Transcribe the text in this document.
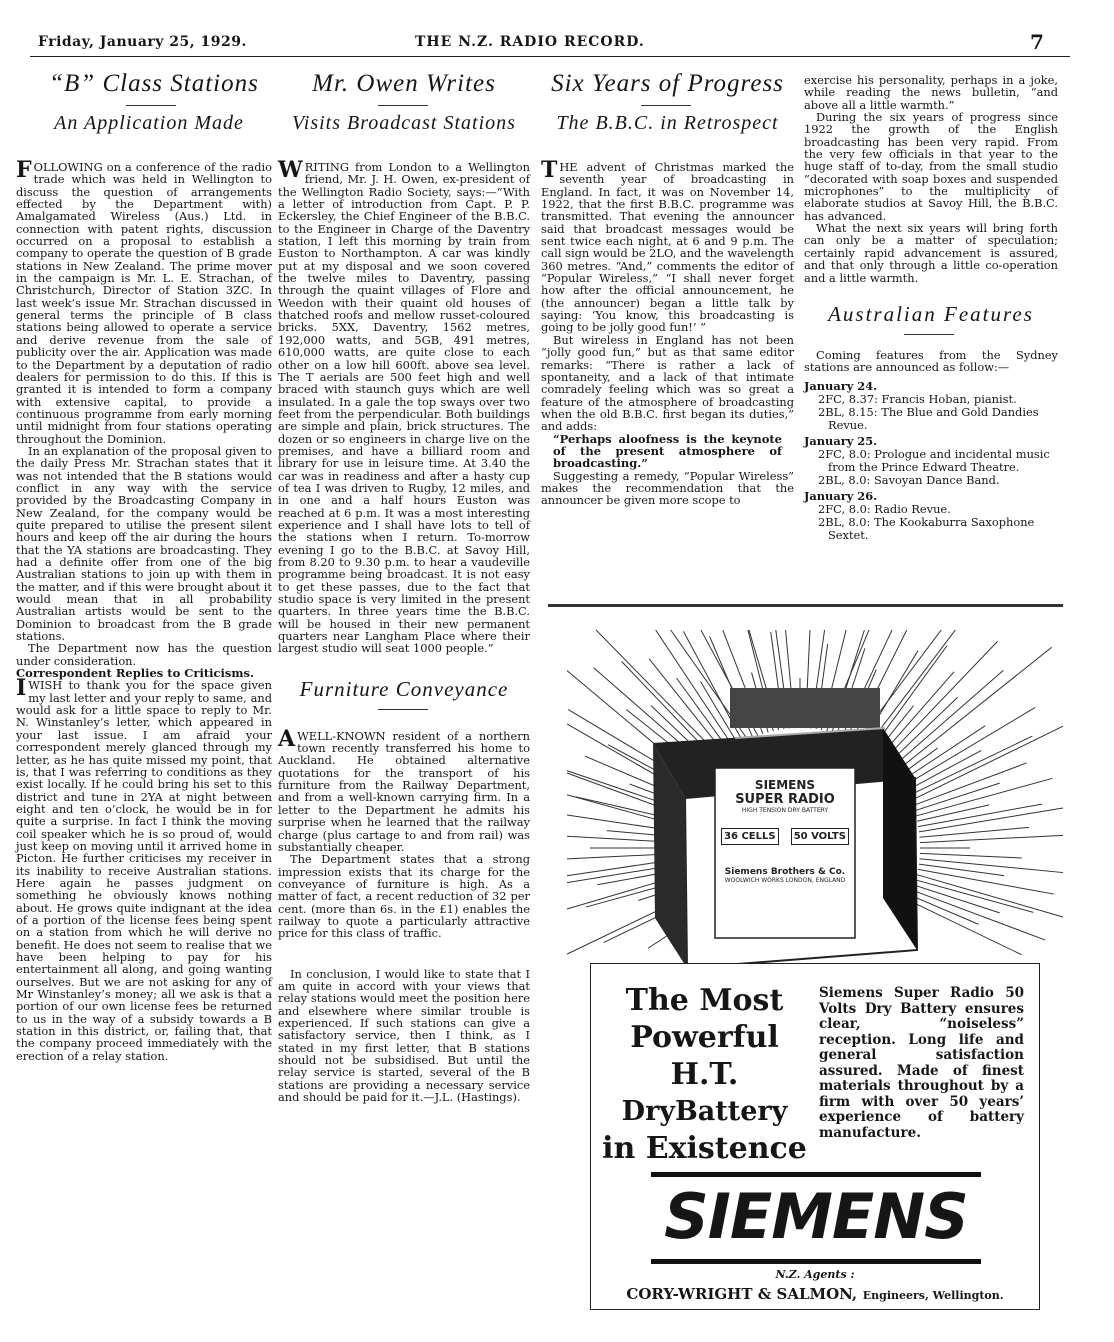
Friday, January 25, 1929.	THE N.Z. RADIO RECORD.	7
“B” Class Stations
An Application Made

FOLLOWING on a conference of the radio trade which was held in Wellington to discuss the question of arrangements effected by the Department with) Amalgamated Wireless (Aus.) Ltd. in connection with patent rights, discussion occurred on a proposal to establish a company to operate the question of B grade stations in New Zealand. The prime mover in the campaign is Mr. L. E. Strachan, of Christchurch, Director of Station 3ZC. In last week’s issue Mr. Strachan discussed in general terms the principle of B class stations being allowed to operate a service and derive revenue from the sale of publicity over the air. Application was made to the Department by a deputation of radio dealers for permission to do this. If this is granted it is intended to form a company with extensive capital, to provide a continuous programme from early morning until midnight from four stations operating throughout the Dominion.

In an explanation of the proposal given to the daily Press Mr. Strachan states that it was not intended that the B stations would conflict in any way with the service provided by the Broadcasting Company in New Zealand, for the company would be quite prepared to utilise the present silent hours and keep off the air during the hours that the YA stations are broadcasting. They had a definite offer from one of the big Australian stations to join up with them in the matter, and if this were brought about it would mean that in all probability Australian artists would be sent to the Dominion to broadcast from the B grade stations.

The Department now has the question under consideration.

Correspondent Replies to Criticisms.

IWISH to thank you for the space given my last letter and your reply to same, and would ask for a little space to reply to Mr. N. Winstanley’s letter, which appeared in your last issue. I am afraid your correspondent merely glanced through my letter, as he has quite missed my point, that is, that I was referring to conditions as they exist locally. If he could bring his set to this district and tune in 2YA at night between eight and ten o’clock, he would be in for quite a surprise. In fact I think the moving coil speaker which he is so proud of, would just keep on moving until it arrived home in Picton. He further criticises my receiver in its inability to receive Australian stations. Here again he passes judgment on something he obviously knows nothing about. He grows quite indignant at the idea of a portion of the license fees being spent on a station from which he will derive no benefit. He does not seem to realise that we have been helping to pay for his entertainment all along, and going wanting ourselves. But we are not asking for any of Mr Winstanley’s money; all we ask is that a portion of our own license fees be returned to us in the way of a subsidy towards a B station in this district, or, failing that, that the company proceed immediately with the erection of a relay station.

Mr. Owen Writes
Visits Broadcast Stations

WRITING from London to a Wellington friend, Mr. J. H. Owen, ex-president of the Wellington Radio Society, says:—“With a letter of introduction from Capt. P. P. Eckersley, the Chief Engineer of the B.B.C. to the Engineer in Charge of the Daventry station, I left this morning by train from Euston to Northampton. A car was kindly put at my disposal and we soon covered the twelve miles to Daventry, passing through the quaint villages of Flore and Weedon with their quaint old houses of thatched roofs and mellow russet-coloured bricks. 5XX, Daventry, 1562 metres, 192,000 watts, and 5GB, 491 metres, 610,000 watts, are quite close to each other on a low hill 600ft. above sea level. The T aerials are 500 feet high and well braced with staunch guys which are well insulated. In a gale the top sways over two feet from the perpendicular. Both buildings are simple and plain, brick structures. The dozen or so engineers in charge live on the premises, and have a billiard room and library for use in leisure time. At 3.40 the car was in readiness and after a hasty cup of tea I was driven to Rugby, 12 miles, and in one and a half hours Euston was reached at 6 p.m. It was a most interesting experience and I shall have lots to tell of the stations when I return. To-morrow evening I go to the B.B.C. at Savoy Hill, from 8.20 to 9.30 p.m. to hear a vaudeville programme being broadcast. It is not easy to get these passes, due to the fact that studio space is very limited in the present quarters. In three years time the B.B.C. will be housed in their new permanent quarters near Langham Place where their largest studio will seat 1000 people.”

Furniture Conveyance

AWELL-KNOWN resident of a northern town recently transferred his home to Auckland. He obtained alternative quotations for the transport of his furniture from the Railway Department, and from a well-known carrying firm. In a letter to the Department he admits his surprise when he learned that the railway charge (plus cartage to and from rail) was substantially cheaper.

The Department states that a strong impression exists that its charge for the conveyance of furniture is high. As a matter of fact, a recent reduction of 32 per cent. (more than 6s. in the £1) enables the railway to quote a particularly attractive price for this class of traffic.

In conclusion, I would like to state that I am quite in accord with your views that relay stations would meet the position here and elsewhere where similar trouble is experienced. If such stations can give a satisfactory service, then I think, as I stated in my first letter, that B stations should not be subsidised. But until the relay service is started, several of the B stations are providing a necessary service and should be paid for it.—J.L. (Hastings).

Six Years of Progress
The B.B.C. in Retrospect

THE advent of Christmas marked the seventh year of broadcasting in England. In fact, it was on November 14, 1922, that the first B.B.C. programme was transmitted. That evening the announcer said that broadcast messages would be sent twice each night, at 6 and 9 p.m. The call sign would be 2LO, and the wavelength 360 metres. “And,” comments the editor of “Popular Wireless,” “I shall never forget how after the official announcement, he (the announcer) began a little talk by saying: ‘You know, this broadcasting is going to be jolly good fun!’ ”

But wireless in England has not been “jolly good fun,” but as that same editor remarks: “There is rather a lack of spontaneity, and a lack of that intimate comradely feeling which was so great a feature of the atmosphere of broadcasting when the old B.B.C. first began its duties,” and adds:

“Perhaps aloofness is the keynote of the present atmosphere of broadcasting.”

Suggesting a remedy, “Popular Wireless” makes the recommendation that the announcer be given more scope to

exercise his personality, perhaps in a joke, while reading the news bulletin, “and above all a little warmth.”

During the six years of progress since 1922 the growth of the English broadcasting has been very rapid. From the very few officials in that year to the huge staff of to-day, from the small studio “decorated with soap boxes and suspended microphones” to the multiplicity of elaborate studios at Savoy Hill, the B.B.C. has advanced.

What the next six years will bring forth can only be a matter of speculation; certainly rapid advancement is assured, and that only through a little co-operation and a little warmth.

Australian Features

Coming features from the Sydney stations are announced as follow:—

January 24.
2FC, 8.37: Francis Hoban, pianist.
2BL, 8.15: The Blue and Gold Dandies Revue.
January 25.
2FC, 8.0: Prologue and incidental music from the Prince Edward Theatre.
2BL, 8.0: Savoyan Dance Band.
January 26.
2FC, 8.0: Radio Revue.
2BL, 8.0: The Kookaburra Saxophone Sextet.
SIEMENS
SUPER RADIO
HIGH TENSION DRY BATTERY
36 CELLS	50 VOLTS
Siemens Brothers & Co.
WOOLWICH WORKS LONDON, ENGLAND
The Most
Powerful
H.T.
DryBattery
in Existence
Siemens Super Radio 50 Volts Dry Battery ensures clear, “noiseless” reception. Long life and general satisfaction assured. Made of finest materials throughout by a firm with over 50 years’ experience of battery manufacture.
SIEMENS
N.Z. Agents :
CORY-WRIGHT & SALMON, Engineers, Wellington.
